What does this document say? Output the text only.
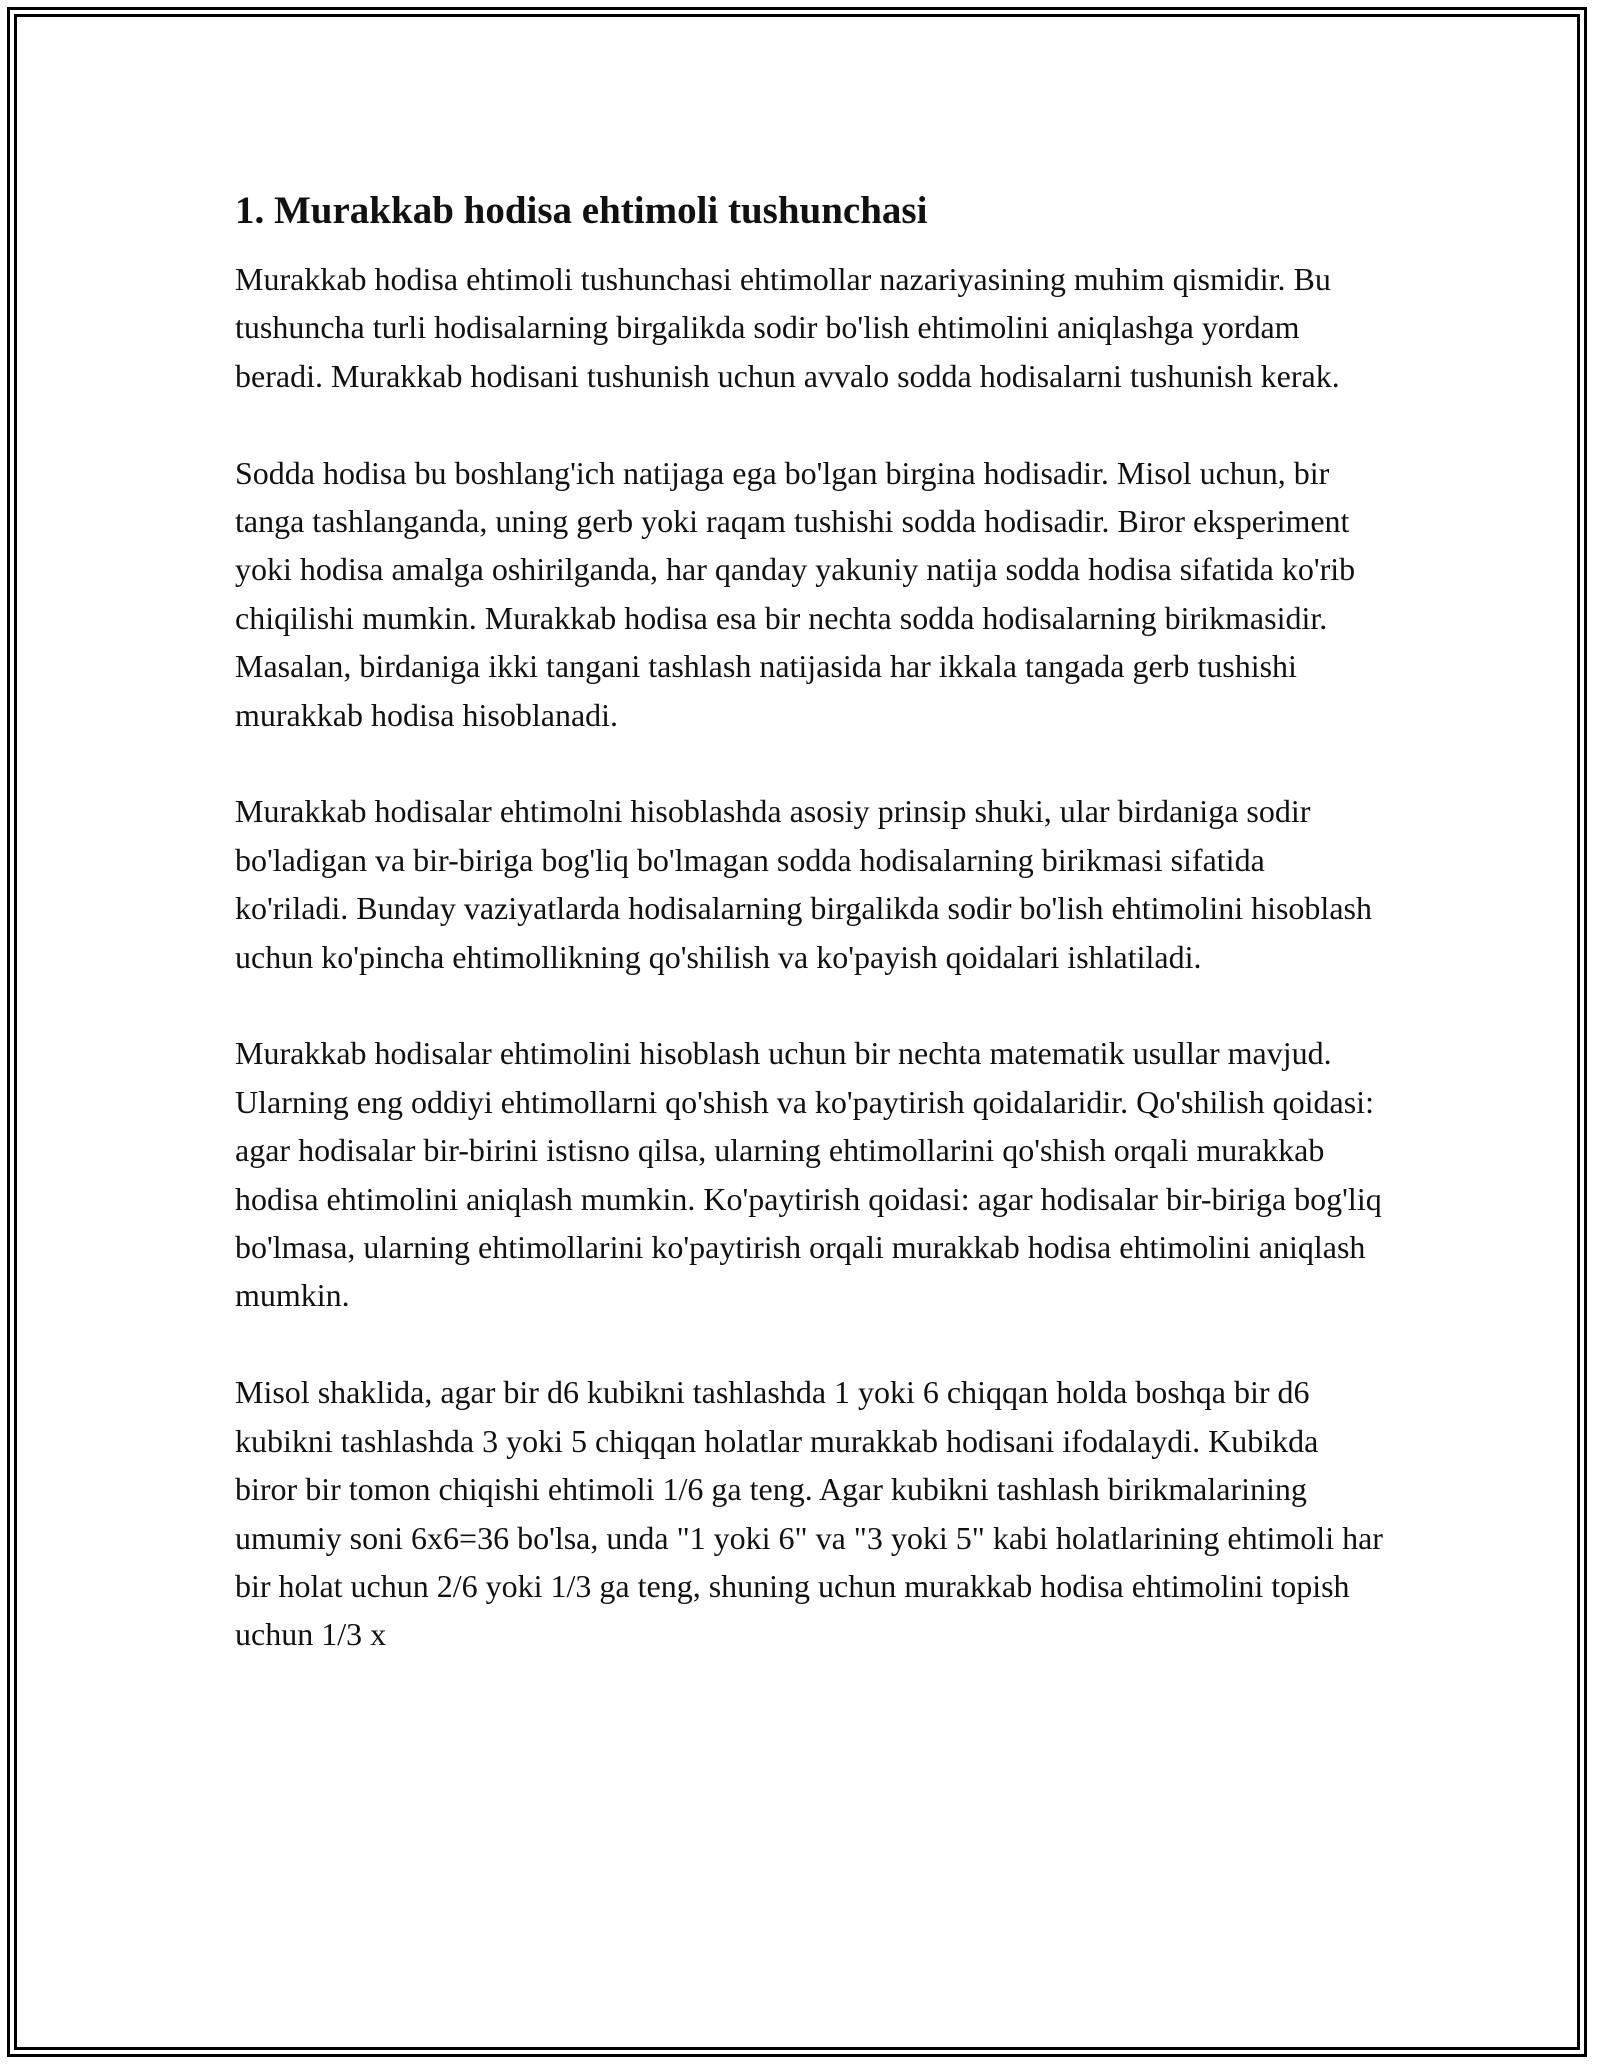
1. Murakkab hodisa ehtimoli tushunchasi

Murakkab hodisa ehtimoli tushunchasi ehtimollar nazariyasining muhim qismidir. Bu tushuncha turli hodisalarning birgalikda sodir bo'lish ehtimolini aniqlashga yordam beradi. Murakkab hodisani tushunish uchun avvalo sodda hodisalarni tushunish kerak.

Sodda hodisa bu boshlang'ich natijaga ega bo'lgan birgina hodisadir. Misol uchun, bir tanga tashlanganda, uning gerb yoki raqam tushishi sodda hodisadir. Biror eksperiment yoki hodisa amalga oshirilganda, har qanday yakuniy natija sodda hodisa sifatida ko'rib chiqilishi mumkin. Murakkab hodisa esa bir nechta sodda hodisalarning birikmasidir. Masalan, birdaniga ikki tangani tashlash natijasida har ikkala tangada gerb tushishi murakkab hodisa hisoblanadi.

Murakkab hodisalar ehtimolni hisoblashda asosiy prinsip shuki, ular birdaniga sodir bo'ladigan va bir-biriga bog'liq bo'lmagan sodda hodisalarning birikmasi sifatida ko'riladi. Bunday vaziyatlarda hodisalarning birgalikda sodir bo'lish ehtimolini hisoblash uchun ko'pincha ehtimollikning qo'shilish va ko'payish qoidalari ishlatiladi.

Murakkab hodisalar ehtimolini hisoblash uchun bir nechta matematik usullar mavjud. Ularning eng oddiyi ehtimollarni qo'shish va ko'paytirish qoidalaridir. Qo'shilish qoidasi: agar hodisalar bir-birini istisno qilsa, ularning ehtimollarini qo'shish orqali murakkab hodisa ehtimolini aniqlash mumkin. Ko'paytirish qoidasi: agar hodisalar bir-biriga bog'liq bo'lmasa, ularning ehtimollarini ko'paytirish orqali murakkab hodisa ehtimolini aniqlash mumkin.

Misol shaklida, agar bir d6 kubikni tashlashda 1 yoki 6 chiqqan holda boshqa bir d6 kubikni tashlashda 3 yoki 5 chiqqan holatlar murakkab hodisani ifodalaydi. Kubikda biror bir tomon chiqishi ehtimoli 1/6 ga teng. Agar kubikni tashlash birikmalarining umumiy soni 6x6=36 bo'lsa, unda "1 yoki 6" va "3 yoki 5" kabi holatlarining ehtimoli har bir holat uchun 2/6 yoki 1/3 ga teng, shuning uchun murakkab hodisa ehtimolini topish uchun 1/3 x
